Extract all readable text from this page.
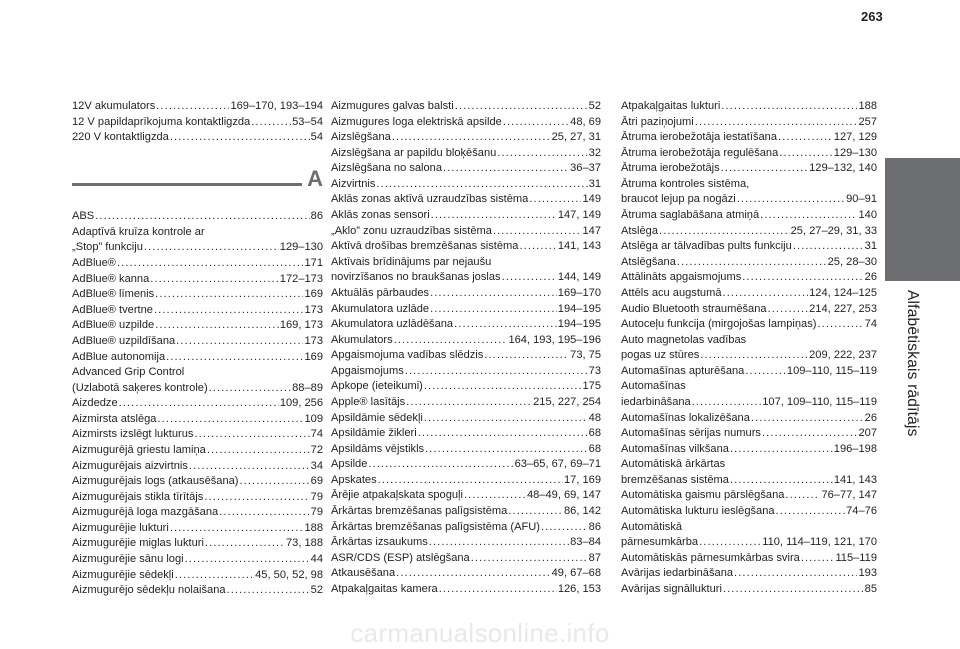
263
Alfabētiskais rādītājs
12V akumulators .....	169–170, 193–194
12 V papildaprīkojuma kontaktligzda .....	53–54
220 V kontaktligzda .....	54
A
ABS .....	86
Adaptīvā kruīza kontrole ar
„Stop” funkciju .....	129–130
AdBlue® .....	171
AdBlue® kanna .....	172–173
AdBlue® līmenis .....	169
AdBlue® tvertne .....	173
AdBlue® uzpilde .....	169, 173
AdBlue® uzpildīšana .....	173
AdBlue autonomija .....	169
Advanced Grip Control
(Uzlabotā saķeres kontrole) .....	88–89
Aizdedze .....	109, 256
Aizmirsta atslēga .....	109
Aizmirsts izslēgt lukturus .....	74
Aizmugurējā griestu lamiņa .....	72
Aizmugurējais aizvirtnis .....	34
Aizmugurējais logs (atkausēšana) .....	69
Aizmugurējais stikla tīrītājs .....	79
Aizmugurējā loga mazgāšana .....	79
Aizmugurējie lukturi .....	188
Aizmugurējie miglas lukturi .....	73, 188
Aizmugurējie sānu logi .....	44
Aizmugurējie sēdekļi .....	45, 50, 52, 98
Aizmugurējo sēdekļu nolaišana .....	52
Aizmugures galvas balsti .....	52
Aizmugures loga elektriskā apsilde .....	48, 69
Aizslēgšana .....	25, 27, 31
Aizslēgšana ar papildu bloķēšanu .....	32
Aizslēgšana no salona .....	36–37
Aizvirtnis .....	31
Aklās zonas aktīvā uzraudzības sistēma .....	149
Aklās zonas sensori .....	147, 149
„Aklo” zonu uzraudzības sistēma .....	147
Aktīvā drošības bremzēšanas sistēma .....	141, 143
Aktīvais brīdinājums par nejaušu
novirzīšanos no braukšanas joslas .....	144, 149
Aktuālās pārbaudes .....	169–170
Akumulatora uzlāde .....	194–195
Akumulatora uzlādēšana .....	194–195
Akumulators .....	164, 193, 195–196
Apgaismojuma vadības slēdzis .....	73, 75
Apgaismojums .....	73
Apkope (ieteikumi) .....	175
Apple® lasītājs .....	215, 227, 254
Apsildāmie sēdekļi .....	48
Apsildāmie žikleri .....	68
Apsildāms vējstikls .....	68
Apsilde .....	63–65, 67, 69–71
Apskates .....	17, 169
Ārējie atpakaļskata spoguļi .....	48–49, 69, 147
Ārkārtas bremzēšanas palīgsistēma .....	86, 142
Ārkārtas bremzēšanas palīgsistēma (AFU) .....	86
Ārkārtas izsaukums .....	83–84
ASR/CDS (ESP) atslēgšana .....	87
Atkausēšana .....	49, 67–68
Atpakaļgaitas kamera .....	126, 153
Atpakaļgaitas lukturi .....	188
Ātri paziņojumi .....	257
Ātruma ierobežotāja iestatīšana .....	127, 129
Ātruma ierobežotāja regulēšana .....	129–130
Ātruma ierobežotājs .....	129–132, 140
Ātruma kontroles sistēma,
braucot lejup pa nogāzi .....	90–91
Ātruma saglabāšana atmiņā .....	140
Atslēga .....	25, 27–29, 31, 33
Atslēga ar tālvadības pults funkciju .....	31
Atslēgšana .....	25, 28–30
Attālināts apgaismojums .....	26
Attēls acu augstumā .....	124, 124–125
Audio Bluetooth straumēšana .....	214, 227, 253
Autoceļu funkcija (mirgojošas lampiņas) .....	74
Auto magnetolas vadības
pogas uz stūres .....	209, 222, 237
Automašīnas apturēšana .....	109–110, 115–119
Automašīnas
iedarbināšana .....	107, 109–110, 115–119
Automašīnas lokalizēšana .....	26
Automašīnas sērijas numurs .....	207
Automašīnas vilkšana .....	196–198
Automātiskā ārkārtas
bremzēšanas sistēma .....	141, 143
Automātiska gaismu pārslēgšana .....	76–77, 147
Automātiska lukturu ieslēgšana .....	74–76
Automātiskā
pārnesumkārba .....	110, 114–119, 121, 170
Automātiskās pārnesumkārbas svira .....	115–119
Avārijas iedarbināšana .....	193
Avārijas signāllukturi .....	85
carmanualsonline.info
